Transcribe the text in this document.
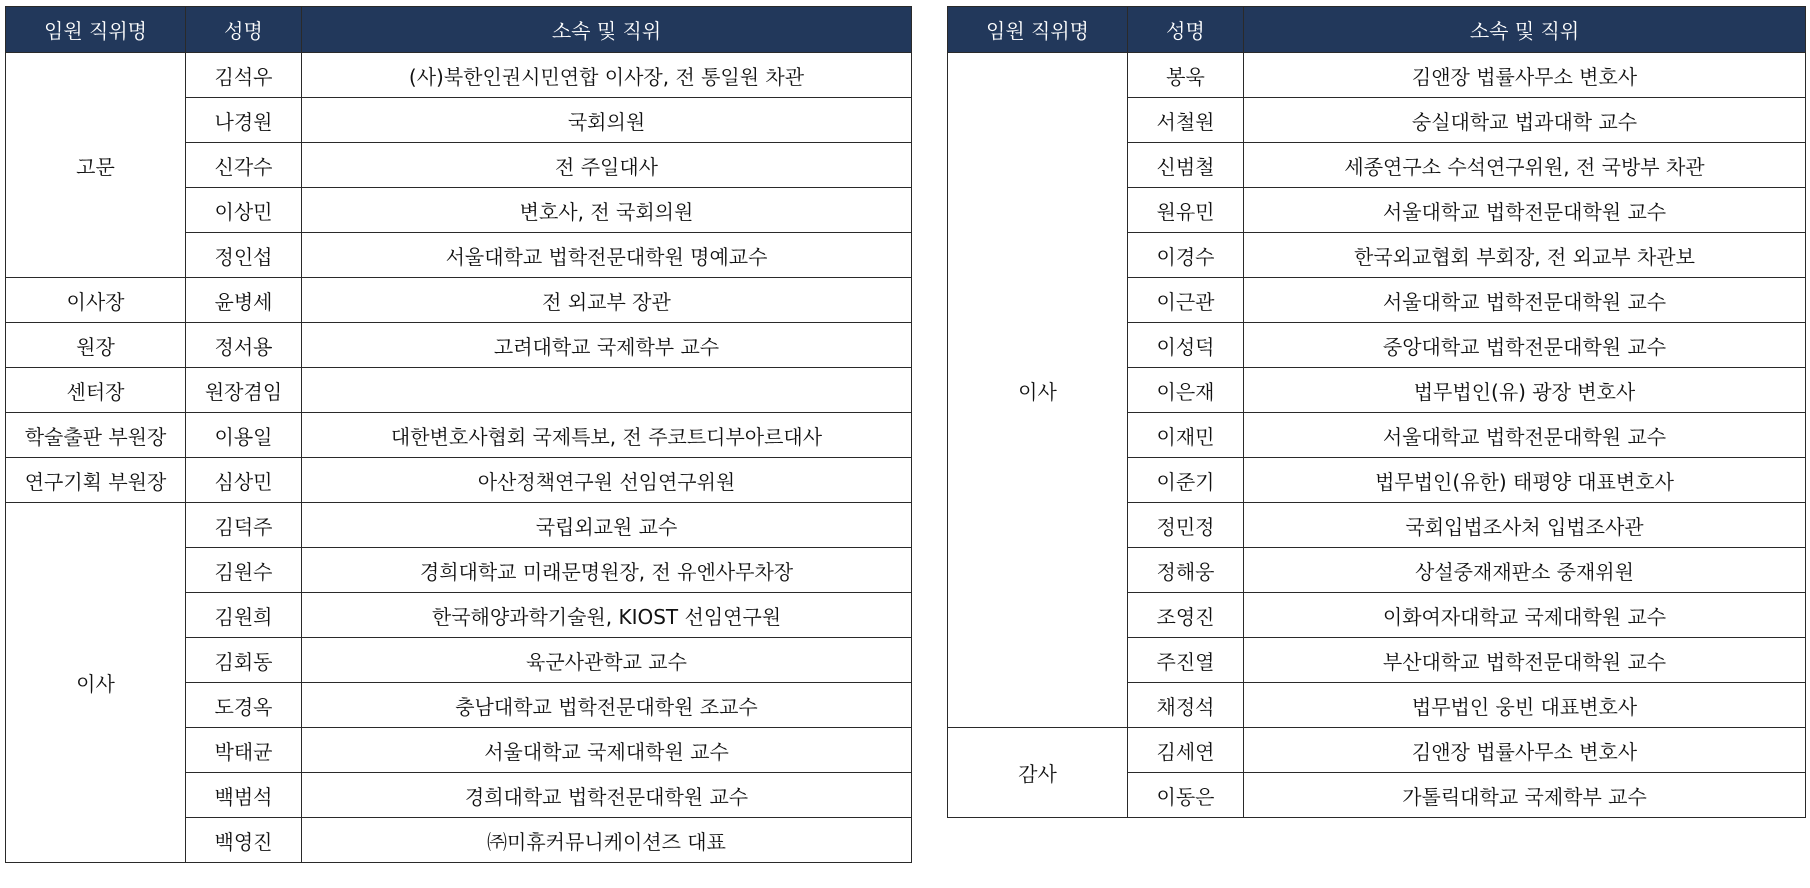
임원 직위명	성명	소속 및 직위
고문	김석우	(사)북한인권시민연합 이사장, 전 통일원 차관
	나경원	국회의원
	신각수	전 주일대사
	이상민	변호사, 전 국회의원
	정인섭	서울대학교 법학전문대학원 명예교수
이사장	윤병세	전 외교부 장관
원장	정서용	고려대학교 국제학부 교수
센터장	원장겸임	
학술출판 부원장	이용일	대한변호사협회 국제특보, 전 주코트디부아르대사
연구기획 부원장	심상민	아산정책연구원 선임연구위원
이사	김덕주	국립외교원 교수
	김원수	경희대학교 미래문명원장, 전 유엔사무차장
	김원희	한국해양과학기술원, KIOST 선임연구원
	김회동	육군사관학교 교수
	도경옥	충남대학교 법학전문대학원 조교수
	박태균	서울대학교 국제대학원 교수
	백범석	경희대학교 법학전문대학원 교수
	백영진	㈜미휴커뮤니케이션즈 대표
임원 직위명	성명	소속 및 직위
이사	봉욱	김앤장 법률사무소 변호사
	서철원	숭실대학교 법과대학 교수
	신범철	세종연구소 수석연구위원, 전 국방부 차관
	원유민	서울대학교 법학전문대학원 교수
	이경수	한국외교협회 부회장, 전 외교부 차관보
	이근관	서울대학교 법학전문대학원 교수
	이성덕	중앙대학교 법학전문대학원 교수
	이은재	법무법인(유) 광장 변호사
	이재민	서울대학교 법학전문대학원 교수
	이준기	법무법인(유한) 태평양 대표변호사
	정민정	국회입법조사처 입법조사관
	정해웅	상설중재재판소 중재위원
	조영진	이화여자대학교 국제대학원 교수
	주진열	부산대학교 법학전문대학원 교수
	채정석	법무법인 웅빈 대표변호사
감사	김세연	김앤장 법률사무소 변호사
	이동은	가톨릭대학교 국제학부 교수
